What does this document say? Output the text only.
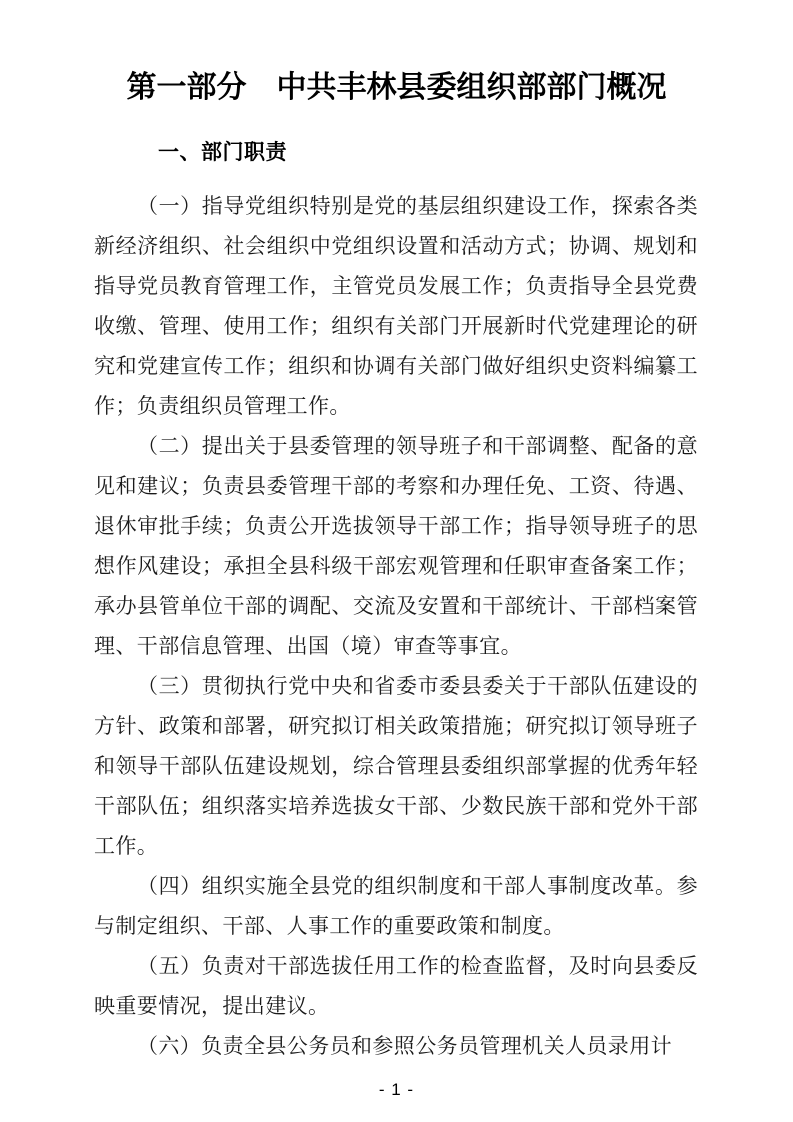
第一部分　中共丰林县委组织部部门概况
一、部门职责

（一）指导党组织特别是党的基层组织建设工作，探索各类新经济组织、社会组织中党组织设置和活动方式；协调、规划和指导党员教育管理工作，主管党员发展工作；负责指导全县党费收缴、管理、使用工作；组织有关部门开展新时代党建理论的研究和党建宣传工作；组织和协调有关部门做好组织史资料编纂工作；负责组织员管理工作。

（二）提出关于县委管理的领导班子和干部调整、配备的意见和建议；负责县委管理干部的考察和办理任免、工资、待遇、退休审批手续；负责公开选拔领导干部工作；指导领导班子的思想作风建设；承担全县科级干部宏观管理和任职审查备案工作；承办县管单位干部的调配、交流及安置和干部统计、干部档案管理、干部信息管理、出国（境）审查等事宜。

（三）贯彻执行党中央和省委市委县委关于干部队伍建设的方针、政策和部署，研究拟订相关政策措施；研究拟订领导班子和领导干部队伍建设规划，综合管理县委组织部掌握的优秀年轻干部队伍；组织落实培养选拔女干部、少数民族干部和党外干部工作。

（四）组织实施全县党的组织制度和干部人事制度改革。参与制定组织、干部、人事工作的重要政策和制度。

（五）负责对干部选拔任用工作的检查监督，及时向县委反映重要情况，提出建议。

（六）负责全县公务员和参照公务员管理机关人员录用计

- 1 -
